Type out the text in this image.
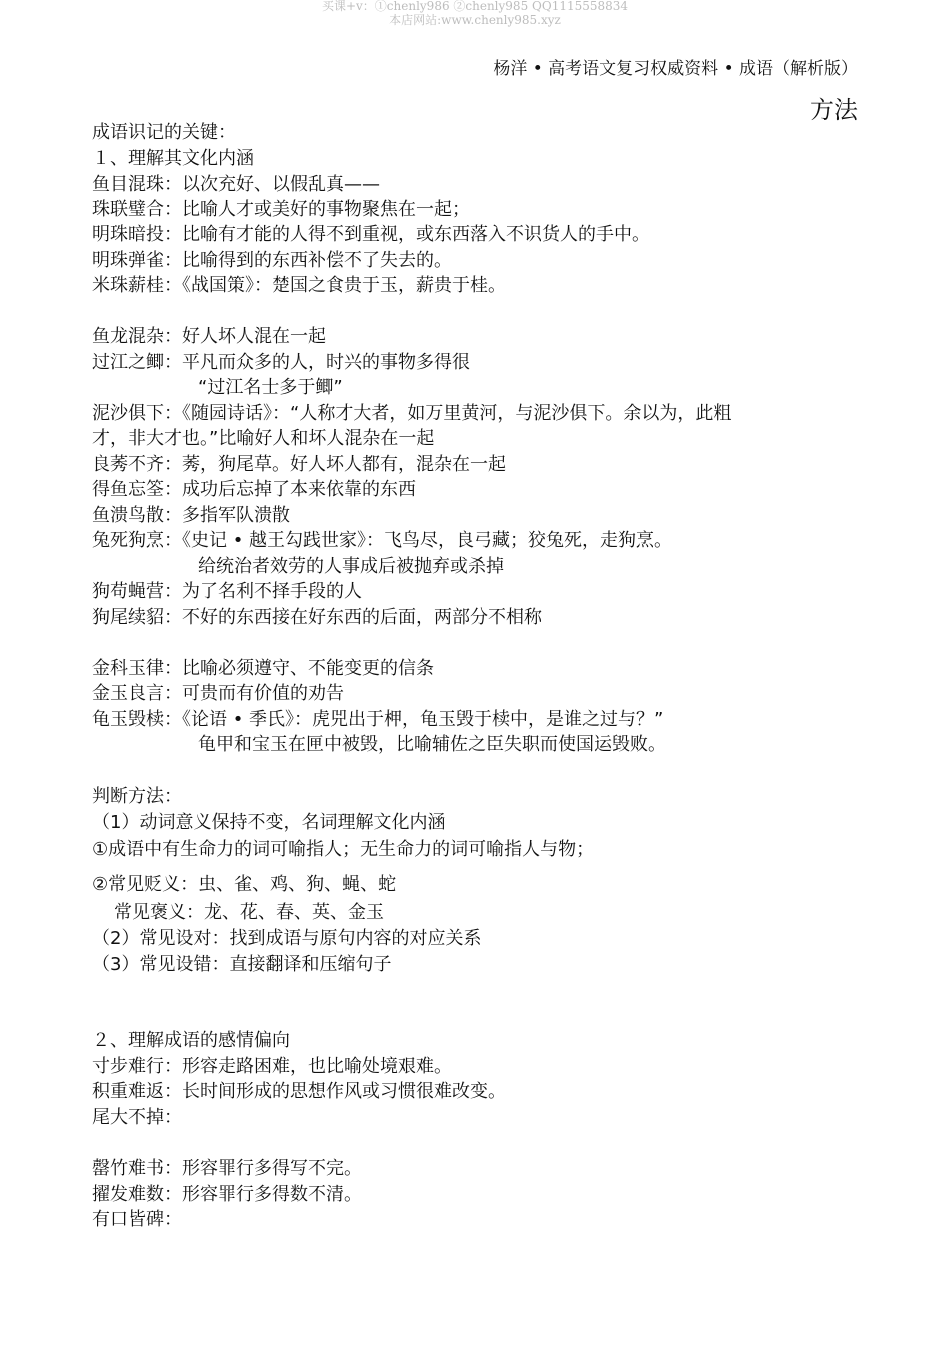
买课+v：①chenly986 ②chenly985 QQ1115558834
本店网站:www.chenly985.xyz
杨洋 • 高考语文复习权威资料 • 成语（解析版）
方法
成语识记的关键：
１、理解其文化内涵
鱼目混珠：以次充好、以假乱真——
珠联璧合：比喻人才或美好的事物聚焦在一起；
明珠暗投：比喻有才能的人得不到重视，或东西落入不识货人的手中。
明珠弹雀：比喻得到的东西补偿不了失去的。
米珠薪桂：《战国策》：楚国之食贵于玉，薪贵于桂。
鱼龙混杂：好人坏人混在一起
过江之鲫：平凡而众多的人，时兴的事物多得很
“过江名士多于鲫”
泥沙俱下：《随园诗话》：“人称才大者，如万里黄河，与泥沙俱下。余以为，此粗
才，非大才也。”比喻好人和坏人混杂在一起
良莠不齐：莠，狗尾草。好人坏人都有，混杂在一起
得鱼忘筌：成功后忘掉了本来依靠的东西
鱼溃鸟散：多指军队溃散
兔死狗烹：《史记 • 越王勾践世家》：飞鸟尽，良弓藏；狡兔死，走狗烹。
给统治者效劳的人事成后被抛弃或杀掉
狗苟蝇营：为了名利不择手段的人
狗尾续貂：不好的东西接在好东西的后面，两部分不相称
金科玉律：比喻必须遵守、不能变更的信条
金玉良言：可贵而有价值的劝告
龟玉毁椟：《论语 • 季氏》：虎兕出于柙，龟玉毁于椟中，是谁之过与？”
龟甲和宝玉在匣中被毁，比喻辅佐之臣失职而使国运毁败。
判断方法：
（1）动词意义保持不变，名词理解文化内涵
①成语中有生命力的词可喻指人；无生命力的词可喻指人与物；
②常见贬义：虫、雀、鸡、狗、蝇、蛇
常见褒义：龙、花、春、英、金玉
（2）常见设对：找到成语与原句内容的对应关系
（3）常见设错：直接翻译和压缩句子
２、理解成语的感情偏向
寸步难行：形容走路困难，也比喻处境艰难。
积重难返：长时间形成的思想作风或习惯很难改变。
尾大不掉：
罄竹难书：形容罪行多得写不完。
擢发难数：形容罪行多得数不清。
有口皆碑：
